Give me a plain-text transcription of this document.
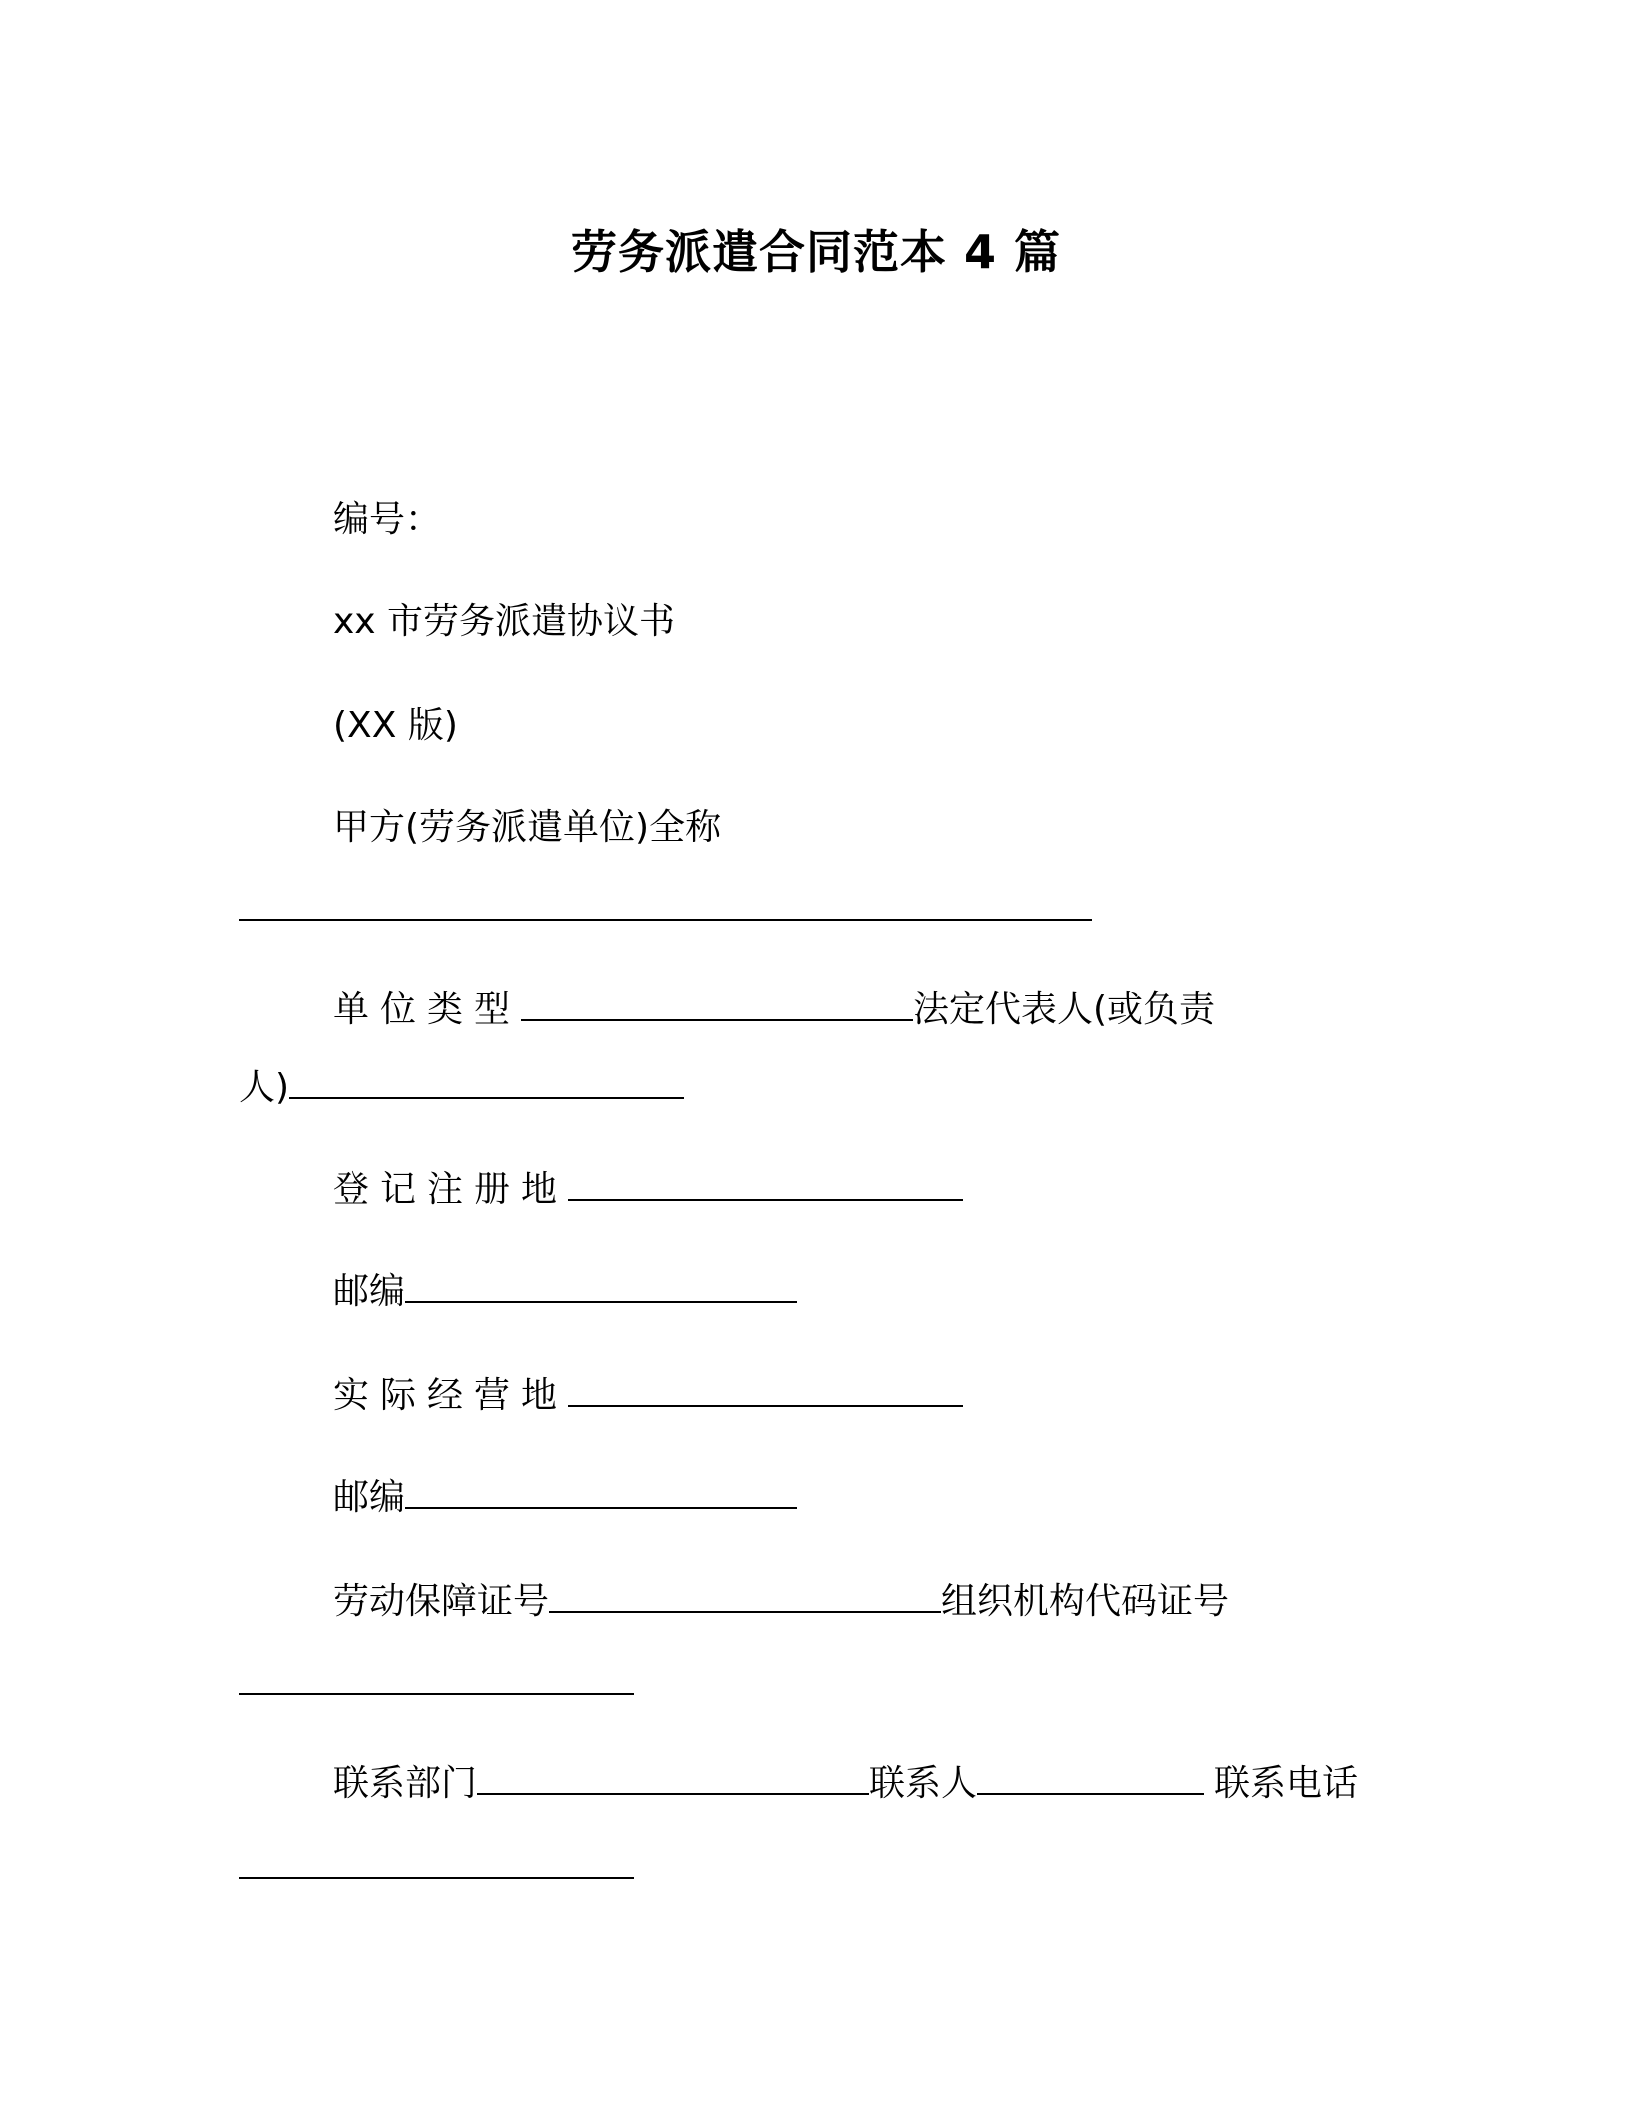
劳务派遣合同范本 4 篇
编号：
xx 市劳务派遣协议书
(XX 版)
甲方(劳务派遣单位)全称
单位类型	法定代表人(或负责
人)
登记注册地
邮编
实际经营地
邮编
劳动保障证号	组织机构代码证号
联系部门	联系人	联系电话
